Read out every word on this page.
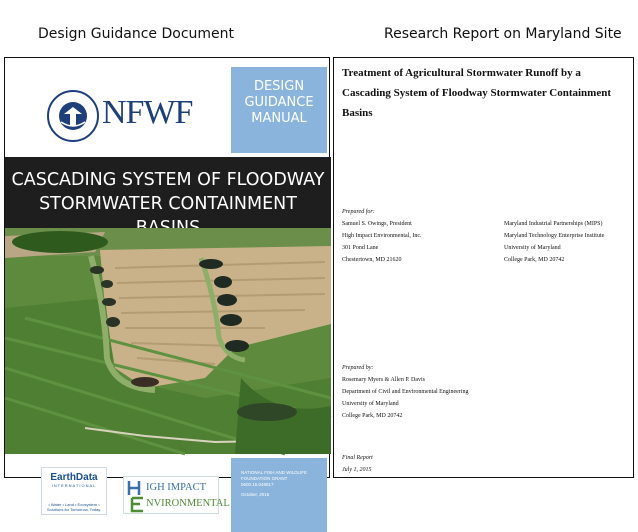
Design Guidance Document	Research Report on Maryland Site
NFWF
DESIGN
GUIDANCE
MANUAL
CASCADING SYSTEM OF FLOODWAY
STORMWATER CONTAINMENT
EarthData
INTERNATIONAL
• Water • Land • Ecosystem • Solutions for Tomorrow, Today.
IGH IMPACT
NVIRONMENTAL
NATIONAL FISH AND WILDLIFE
FOUNDATION GRANT
0600.15.048817
October, 2016
Treatment of Agricultural Stormwater Runoff by a
Cascading System of Floodway Stormwater Containment
Basins
Prepared for:
Samuel S. Owings, President
High Impact Environmental, Inc.
301 Pond Lane
Chestertown, MD 21620
Maryland Industrial Partnerships (MIPS)
Maryland Technology Enterprise Institute
University of Maryland
College Park, MD 20742
Prepared by:
Rosemary Myers & Allen P. Davis
Department of Civil and Environmental Engineering
University of Maryland
College Park, MD 20742
Final Report
July 1, 2015
